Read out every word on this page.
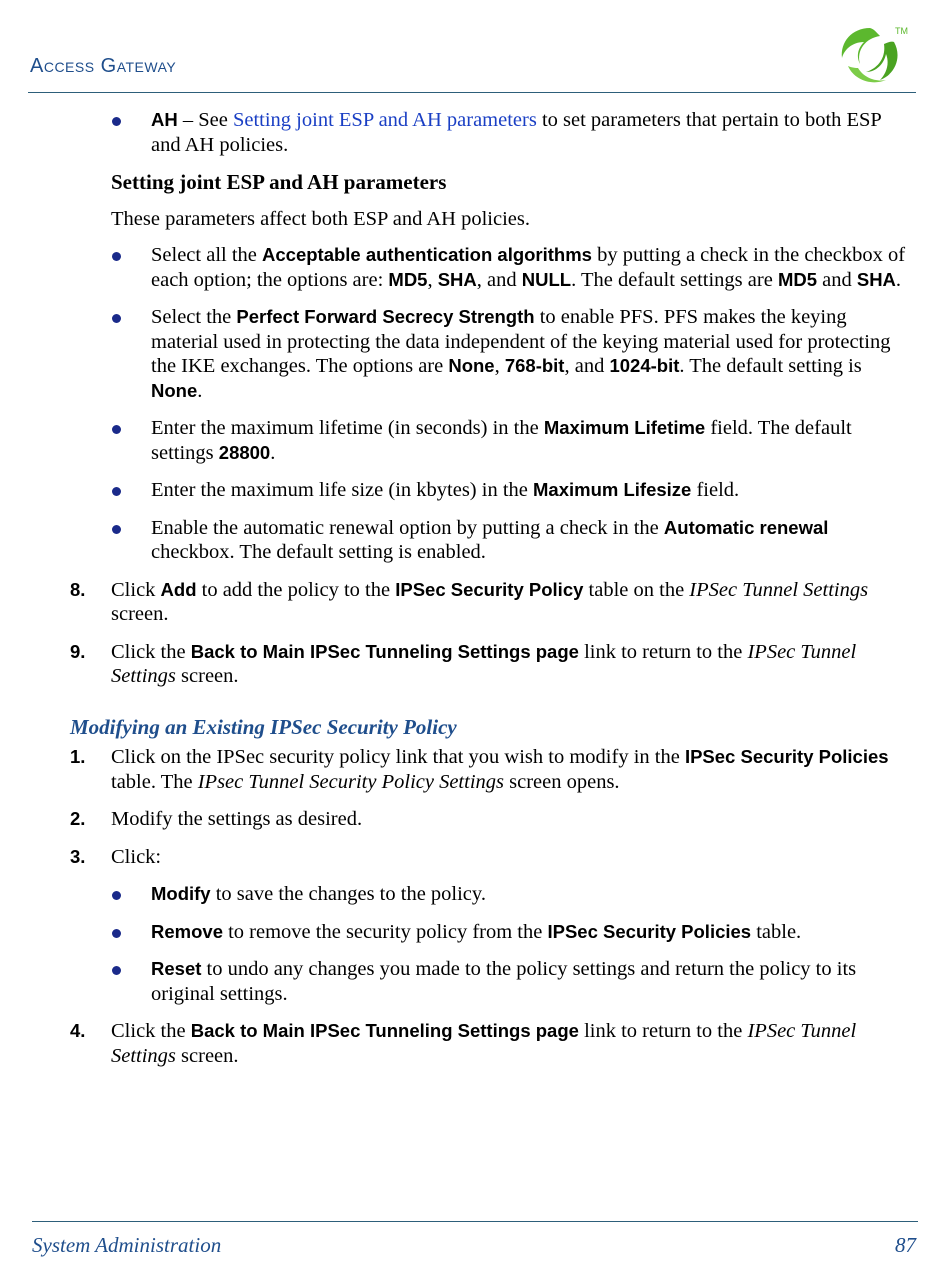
Access Gateway
TM
AH – See Setting joint ESP and AH parameters to set parameters that pertain to both ESP and AH policies.
Setting joint ESP and AH parameters
These parameters affect both ESP and AH policies.
Select all the Acceptable authentication algorithms by putting a check in the checkbox of each option; the options are: MD5, SHA, and NULL. The default settings are MD5 and SHA.
Select the Perfect Forward Secrecy Strength to enable PFS. PFS makes the keying material used in protecting the data independent of the keying material used for protecting the IKE exchanges. The options are None, 768-bit, and 1024-bit. The default setting is None.
Enter the maximum lifetime (in seconds) in the Maximum Lifetime field. The default settings 28800.
Enter the maximum life size (in kbytes) in the Maximum Lifesize field.
Enable the automatic renewal option by putting a check in the Automatic renewal checkbox. The default setting is enabled.
8. Click Add to add the policy to the IPSec Security Policy table on the IPSec Tunnel Settings screen.
9. Click the Back to Main IPSec Tunneling Settings page link to return to the IPSec Tunnel Settings screen.
Modifying an Existing IPSec Security Policy
1. Click on the IPSec security policy link that you wish to modify in the IPSec Security Policies table. The IPsec Tunnel Security Policy Settings screen opens.
2. Modify the settings as desired.
3. Click:
Modify to save the changes to the policy.
Remove to remove the security policy from the IPSec Security Policies table.
Reset to undo any changes you made to the policy settings and return the policy to its original settings.
4. Click the Back to Main IPSec Tunneling Settings page link to return to the IPSec Tunnel Settings screen.
System Administration	87
